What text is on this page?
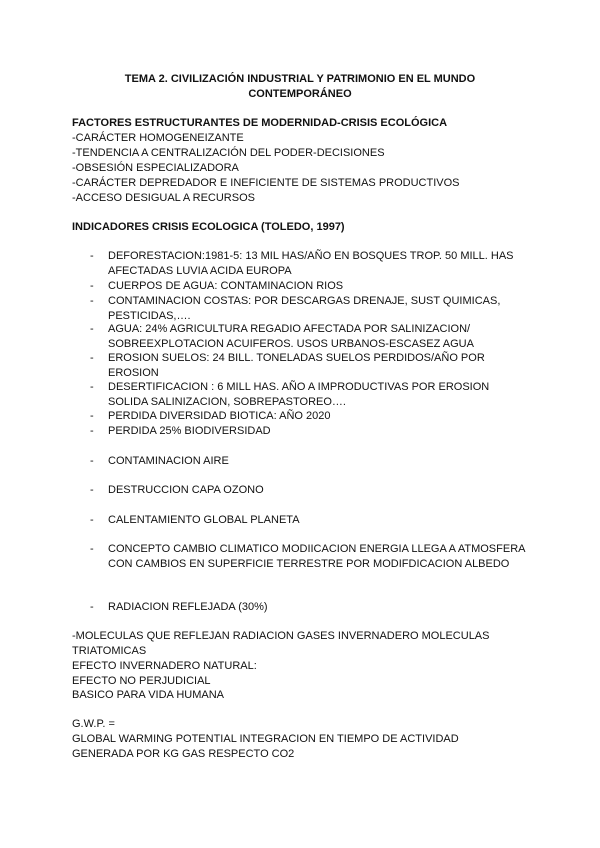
TEMA 2. CIVILIZACIÓN INDUSTRIAL Y PATRIMONIO EN EL MUNDO CONTEMPORÁNEO
FACTORES ESTRUCTURANTES DE MODERNIDAD-CRISIS ECOLÓGICA
-CARÁCTER HOMOGENEIZANTE
-TENDENCIA A CENTRALIZACIÓN DEL PODER-DECISIONES
-OBSESIÓN ESPECIALIZADORA
-CARÁCTER DEPREDADOR E INEFICIENTE DE SISTEMAS PRODUCTIVOS
-ACCESO DESIGUAL A RECURSOS
INDICADORES CRISIS ECOLOGICA (TOLEDO, 1997)
- DEFORESTACION:1981-5: 13 MIL HAS/AÑO EN BOSQUES TROP. 50 MILL. HAS AFECTADAS LUVIA ACIDA EUROPA
- CUERPOS DE AGUA: CONTAMINACION RIOS
- CONTAMINACION COSTAS: POR DESCARGAS DRENAJE, SUST QUIMICAS, PESTICIDAS,….
- AGUA: 24% AGRICULTURA REGADIO AFECTADA POR SALINIZACION/ SOBREEXPLOTACION ACUIFEROS. USOS URBANOS-ESCASEZ AGUA
- EROSION SUELOS: 24 BILL. TONELADAS SUELOS PERDIDOS/AÑO POR EROSION
- DESERTIFICACION : 6 MILL HAS. AÑO A IMPRODUCTIVAS POR EROSION SOLIDA SALINIZACION, SOBREPASTOREO….
- PERDIDA DIVERSIDAD BIOTICA: AÑO 2020
- PERDIDA 25% BIODIVERSIDAD
- CONTAMINACION AIRE
- DESTRUCCION CAPA OZONO
- CALENTAMIENTO GLOBAL PLANETA
- CONCEPTO CAMBIO CLIMATICO MODIICACION ENERGIA LLEGA A ATMOSFERA CON CAMBIOS EN SUPERFICIE TERRESTRE POR MODIFDICACION ALBEDO
- RADIACION REFLEJADA (30%)
-MOLECULAS QUE REFLEJAN RADIACION GASES INVERNADERO MOLECULAS
TRIATOMICAS
EFECTO INVERNADERO NATURAL:
EFECTO NO PERJUDICIAL
BASICO PARA VIDA HUMANA
G.W.P. =
GLOBAL WARMING POTENTIAL INTEGRACION EN TIEMPO DE ACTIVIDAD
GENERADA POR KG GAS RESPECTO CO2
